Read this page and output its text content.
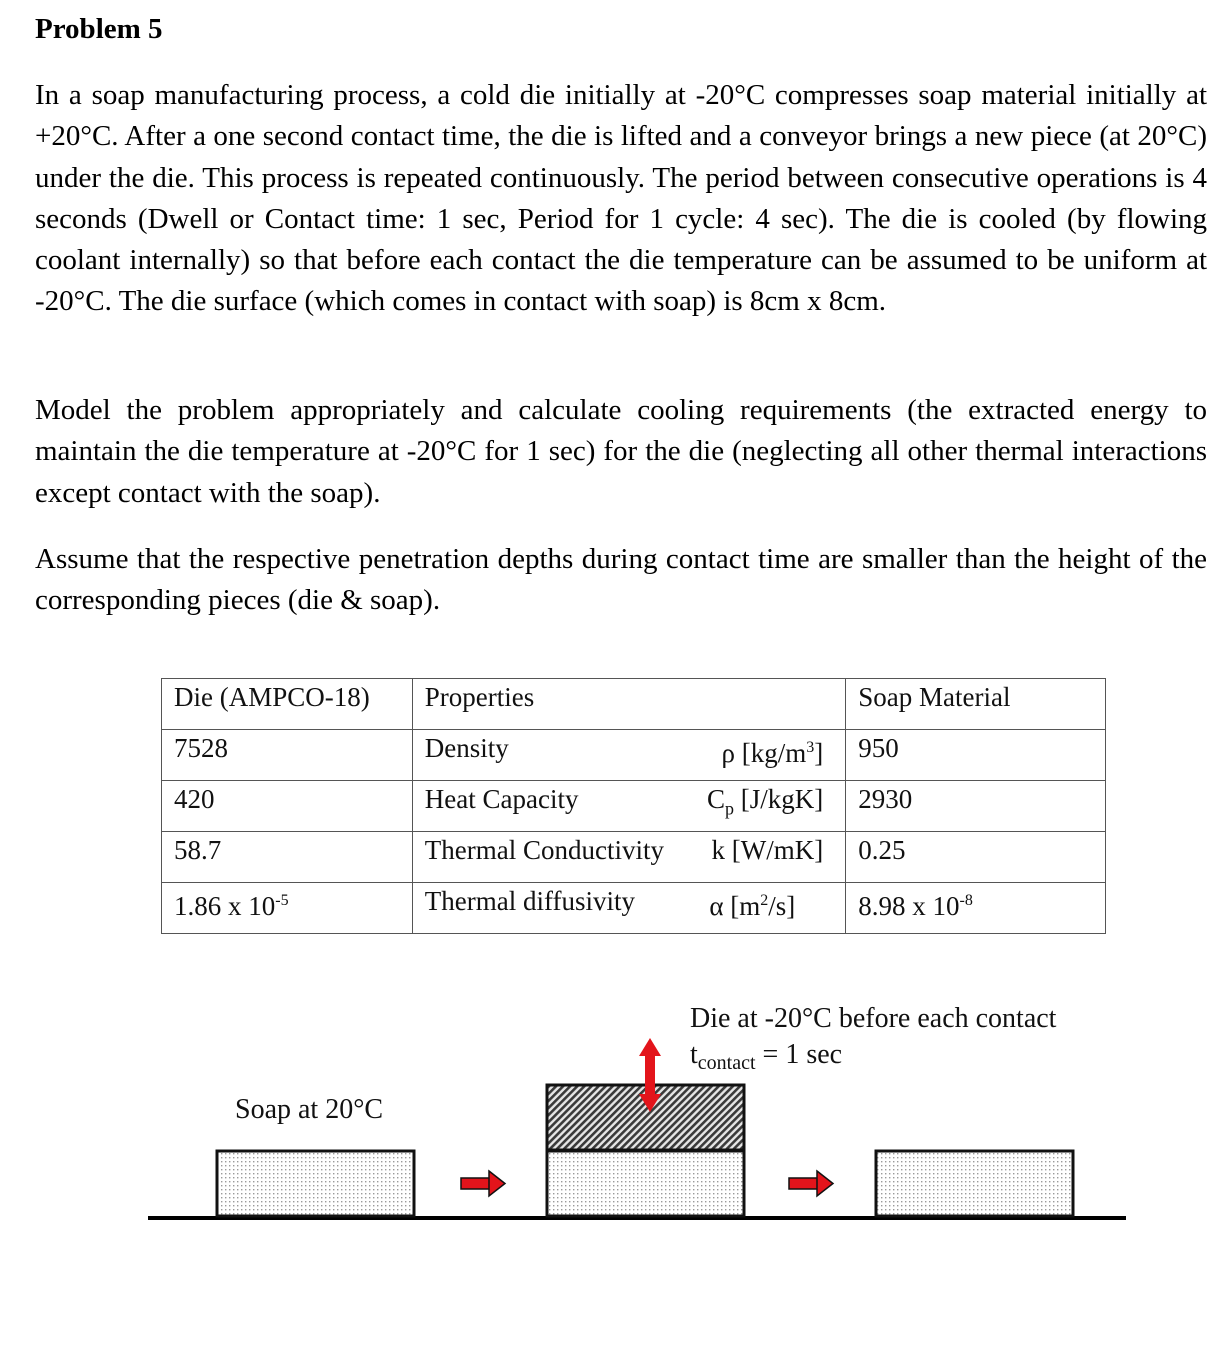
Problem 5
In a soap manufacturing process, a cold die initially at -20°C compresses soap material initially at +20°C. After a one second contact time, the die is lifted and a conveyor brings a new piece (at 20°C) under the die. This process is repeated continuously. The period between consecutive operations is 4 seconds (Dwell or Contact time: 1 sec, Period for 1 cycle: 4 sec). The die is cooled (by flowing coolant internally) so that before each contact the die temperature can be assumed to be uniform at -20°C. The die surface (which comes in contact with soap) is 8cm x 8cm.
Model the problem appropriately and calculate cooling requirements (the extracted energy to maintain the die temperature at -20°C for 1 sec) for the die (neglecting all other thermal interactions except contact with the soap).
Assume that the respective penetration depths during contact time are smaller than the height of the corresponding pieces (die & soap).
Die (AMPCO-18)	Properties	Soap Material
7528	Density ρ $[kg/m^3]$	950
420	Heat Capacity $C_p$ [J/kgK]	2930
58.7	Thermal Conductivity k [W/mK]	0.25
1.86 x $10^{-5}$	Thermal diffusivity α $[m^2/s]$	8.98 x $10^{-8}$
Soap at 20°C
Die at -20°C before each contact
$t_{contact} = 1$ sec
